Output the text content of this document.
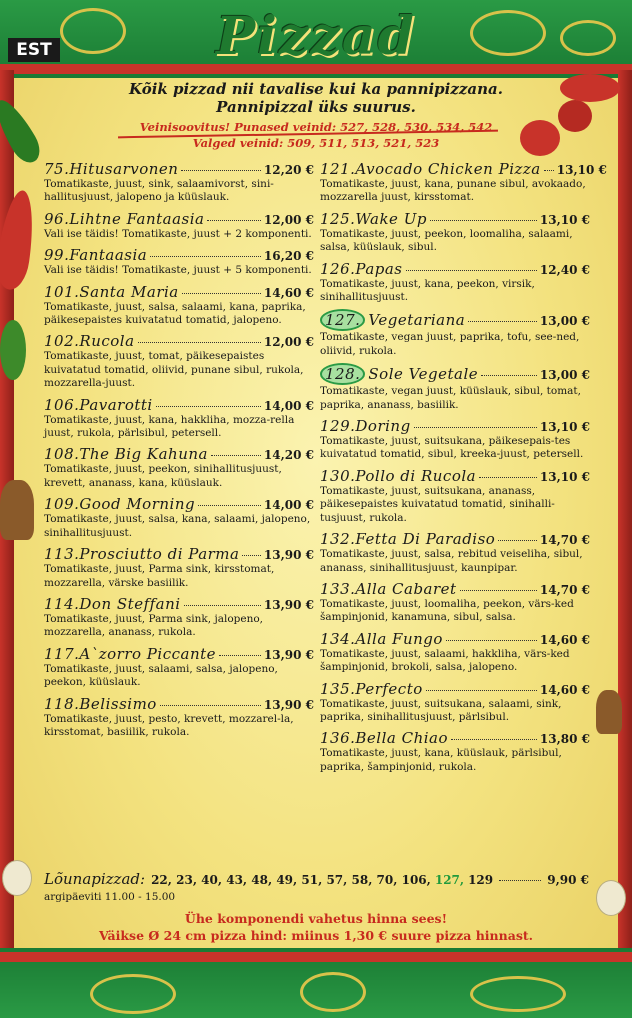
EST	Pizzad
Kõik pizzad nii tavalise kui ka pannipizzana.
Pannipizzal üks suurus.
Veinisoovitus! Punased veinid: 527, 528, 530, 534, 542
Valged veinid: 509, 511, 513, 521, 523
75.Hitusarvonen	12,20 €
Tomatikaste, juust, sink, salaamivorst, sini-hallitusjuust, jalopeno ja küüslauk.
96.Lihtne Fantaasia	12,00 €
Vali ise täidis! Tomatikaste, juust + 2 komponenti.
99.Fantaasia	16,20 €
Vali ise täidis! Tomatikaste, juust + 5 komponenti.
101.Santa Maria	14,60 €
Tomatikaste, juust, salsa, salaami, kana, paprika, päikesepaistes kuivatatud tomatid, jalopeno.
102.Rucola	12,00 €
Tomatikaste, juust, tomat, päikesepaistes kuivatatud tomatid, oliivid, punane sibul, rukola, mozzarella-juust.
106.Pavarotti	14,00 €
Tomatikaste, juust, kana, hakkliha, mozza-rella juust, rukola, pärlsibul, petersell.
108.The Big Kahuna	14,20 €
Tomatikaste, juust, peekon, sinihallitusjuust, krevett, ananass, kana, küüslauk.
109.Good Morning	14,00 €
Tomatikaste, juust, salsa, kana, salaami, jalopeno, sinihallitusjuust.
113.Prosciutto di Parma 13,90 €
Tomatikaste, juust, Parma sink, kirsstomat, mozzarella, värske basiilik.
114.Don Steffani	13,90 €
Tomatikaste, juust, Parma sink, jalopeno, mozzarella, ananass, rukola.
117.A`zorro Piccante	13,90 €
Tomatikaste, juust, salaami, salsa, jalopeno, peekon, küüslauk.
118.Belissimo	13,90 €
Tomatikaste, juust, pesto, krevett, mozzarel-la, kirsstomat, basiilik, rukola.
121.Avocado Chicken Pizza 13,10 €
Tomatikaste, juust, kana, punane sibul, avokaado, mozzarella juust, kirsstomat.
125.Wake Up	13,10 €
Tomatikaste, juust, peekon, loomaliha, salaami, salsa, küüslauk, sibul.
126.Papas	12,40 €
Tomatikaste, juust, kana, peekon, virsik, sinihallitusjuust.
127. Vegetariana	13,00 €
Tomatikaste, vegan juust, paprika, tofu, see-ned, oliivid, rukola.
128. Sole Vegetale	13,00 €
Tomatikaste, vegan juust, küüslauk, sibul, tomat, paprika, ananass, basiilik.
129.Doring	13,10 €
Tomatikaste, juust, suitsukana, päikesepais-tes kuivatatud tomatid, sibul, kreeka-juust, petersell.
130.Pollo di Rucola	13,10 €
Tomatikaste, juust, suitsukana, ananass, päikesepaistes kuivatatud tomatid, sinihalli-tusjuust, rukola.
132.Fetta Di Paradiso	14,70 €
Tomatikaste, juust, salsa, rebitud veiseliha, sibul, ananass, sinihallitusjuust, kaunpipar.
133.Alla Cabaret	14,70 €
Tomatikaste, juust, loomaliha, peekon, värs-ked šampinjonid, kanamuna, sibul, salsa.
134.Alla Fungo	14,60 €
Tomatikaste, juust, salaami, hakkliha, värs-ked šampinjonid, brokoli, salsa, jalopeno.
135.Perfecto	14,60 €
Tomatikaste, juust, suitsukana, salaami, sink, paprika, sinihallitusjuust, pärlsibul.
136.Bella Chiao	13,80 €
Tomatikaste, juust, kana, küüslauk, pärlsibul, paprika, šampinjonid, rukola.
Lõunapizzad: 22, 23, 40, 43, 48, 49, 51, 57, 58, 70, 106, 127, 129	9,90 €
argipäeviti 11.00 - 15.00
Ühe komponendi vahetus hinna sees!
Väikse Ø 24 cm pizza hind: miinus 1,30 € suure pizza hinnast.
